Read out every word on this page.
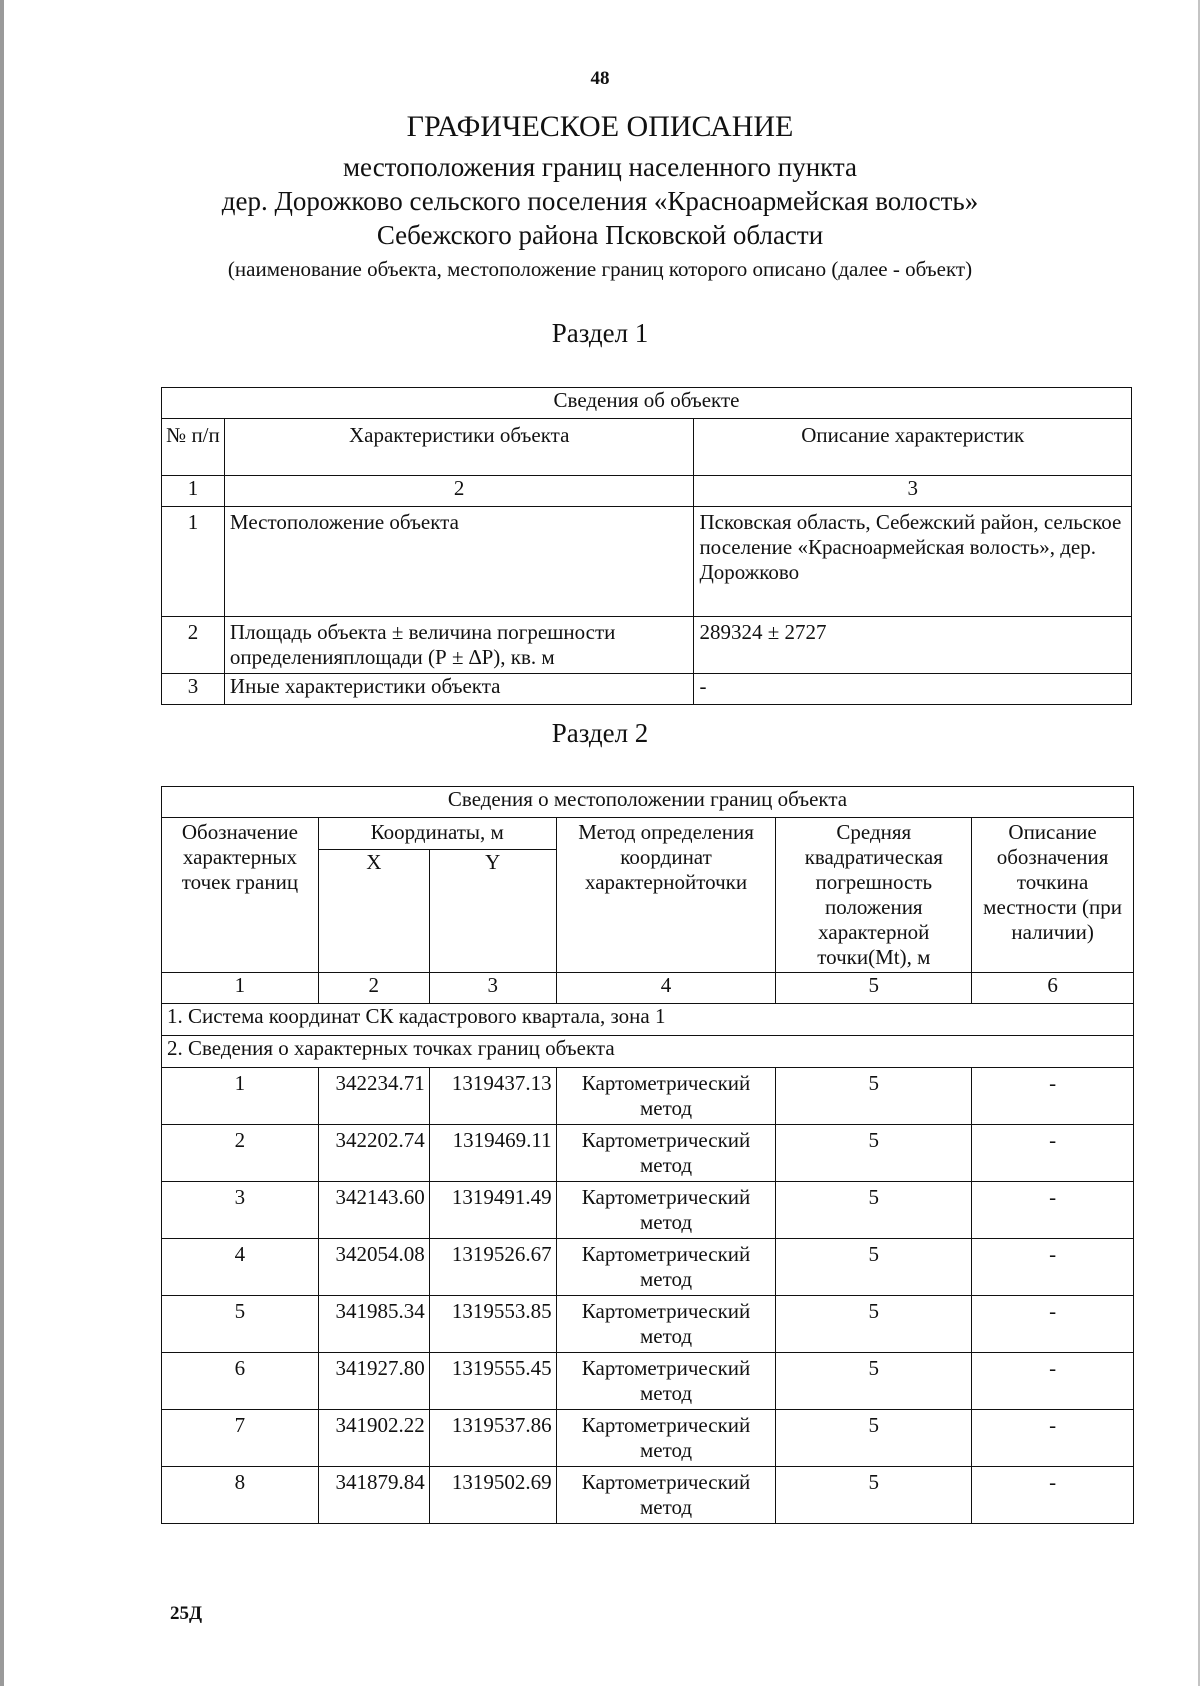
48
ГРАФИЧЕСКОЕ ОПИСАНИЕ
местоположения границ населенного пункта
дер. Дорожково сельского поселения «Красноармейская волость»
Себежского района Псковской области
(наименование объекта, местоположение границ которого описано (далее - объект)
Раздел 1
Сведения об объекте		
№ п/п	Характеристики объекта	Описание характеристик
1	2	3
1	Местоположение объекта	Псковская область, Себежский район, сельское поселение «Красноармейская волость», дер. Дорожково
2	Площадь объекта ± величина погрешности определенияплощади (Р ± ∆Р), кв. м	289324 ± 2727
3	Иные характеристики объекта	-
Раздел 2
Сведения о местоположении границ объекта					
Обозначение характерных точек границ	Координаты, м		Метод определения координат характернойточки	Средняя квадратическая погрешность положения характерной точки(Mt), м	Описание обозначения точкина местности (при наличии)
	X	Y			
1	2	3	4	5	6
1. Система координат СК кадастрового квартала, зона 1					
2. Сведения о характерных точках границ объекта					
1	342234.71	1319437.13	Картометрический метод	5	-
2	342202.74	1319469.11	Картометрический метод	5	-
3	342143.60	1319491.49	Картометрический метод	5	-
4	342054.08	1319526.67	Картометрический метод	5	-
5	341985.34	1319553.85	Картометрический метод	5	-
6	341927.80	1319555.45	Картометрический метод	5	-
7	341902.22	1319537.86	Картометрический метод	5	-
8	341879.84	1319502.69	Картометрический метод	5	-
25Д
